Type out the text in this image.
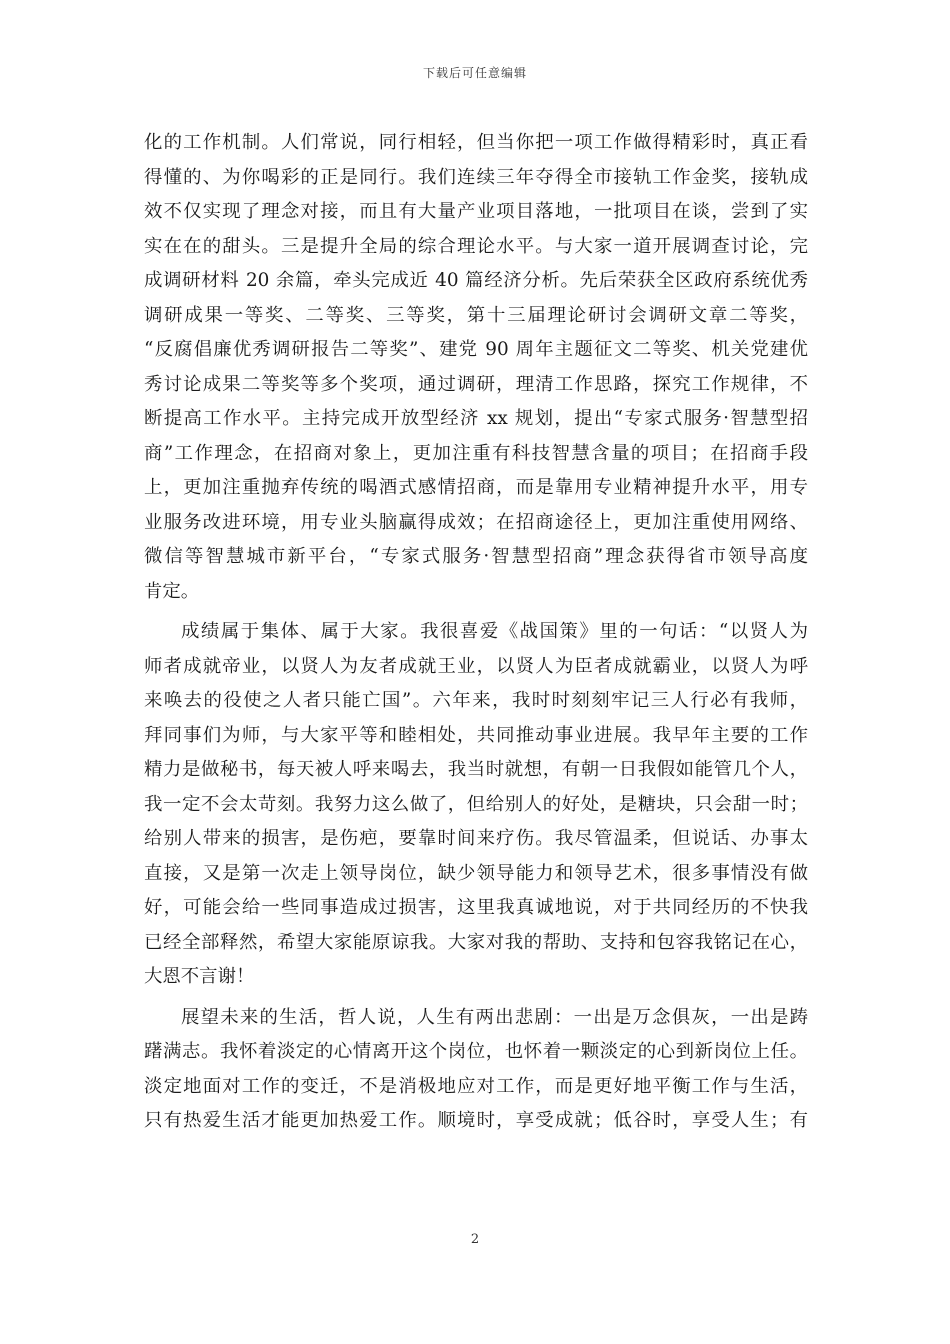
下载后可任意编辑
化的工作机制。人们常说，同行相轻，但当你把一项工作做得精彩时，真正看
得懂的、为你喝彩的正是同行。我们连续三年夺得全市接轨工作金奖，接轨成
效不仅实现了理念对接，而且有大量产业项目落地，一批项目在谈，尝到了实
实在在的甜头。三是提升全局的综合理论水平。与大家一道开展调查讨论，完
成调研材料 20 余篇，牵头完成近 40 篇经济分析。先后荣获全区政府系统优秀
调研成果一等奖、二等奖、三等奖，第十三届理论研讨会调研文章二等奖，
“反腐倡廉优秀调研报告二等奖”、建党 90 周年主题征文二等奖、机关党建优
秀讨论成果二等奖等多个奖项，通过调研，理清工作思路，探究工作规律，不
断提高工作水平。主持完成开放型经济 xx 规划，提出“专家式服务·智慧型招
商”工作理念，在招商对象上，更加注重有科技智慧含量的项目；在招商手段
上，更加注重抛弃传统的喝酒式感情招商，而是靠用专业精神提升水平，用专
业服务改进环境，用专业头脑赢得成效；在招商途径上，更加注重使用网络、
微信等智慧城市新平台，“专家式服务·智慧型招商”理念获得省市领导高度
肯定。
成绩属于集体、属于大家。我很喜爱《战国策》里的一句话：“以贤人为
师者成就帝业，以贤人为友者成就王业，以贤人为臣者成就霸业，以贤人为呼
来唤去的役使之人者只能亡国”。六年来，我时时刻刻牢记三人行必有我师，
拜同事们为师，与大家平等和睦相处，共同推动事业进展。我早年主要的工作
精力是做秘书，每天被人呼来喝去，我当时就想，有朝一日我假如能管几个人，
我一定不会太苛刻。我努力这么做了，但给别人的好处，是糖块，只会甜一时；
给别人带来的损害，是伤疤，要靠时间来疗伤。我尽管温柔，但说话、办事太
直接，又是第一次走上领导岗位，缺少领导能力和领导艺术，很多事情没有做
好，可能会给一些同事造成过损害，这里我真诚地说，对于共同经历的不快我
已经全部释然，希望大家能原谅我。大家对我的帮助、支持和包容我铭记在心，
大恩不言谢！
展望未来的生活，哲人说，人生有两出悲剧：一出是万念俱灰，一出是踌
躇满志。我怀着淡定的心情离开这个岗位，也怀着一颗淡定的心到新岗位上任。
淡定地面对工作的变迁，不是消极地应对工作，而是更好地平衡工作与生活，
只有热爱生活才能更加热爱工作。顺境时，享受成就；低谷时，享受人生；有
2
